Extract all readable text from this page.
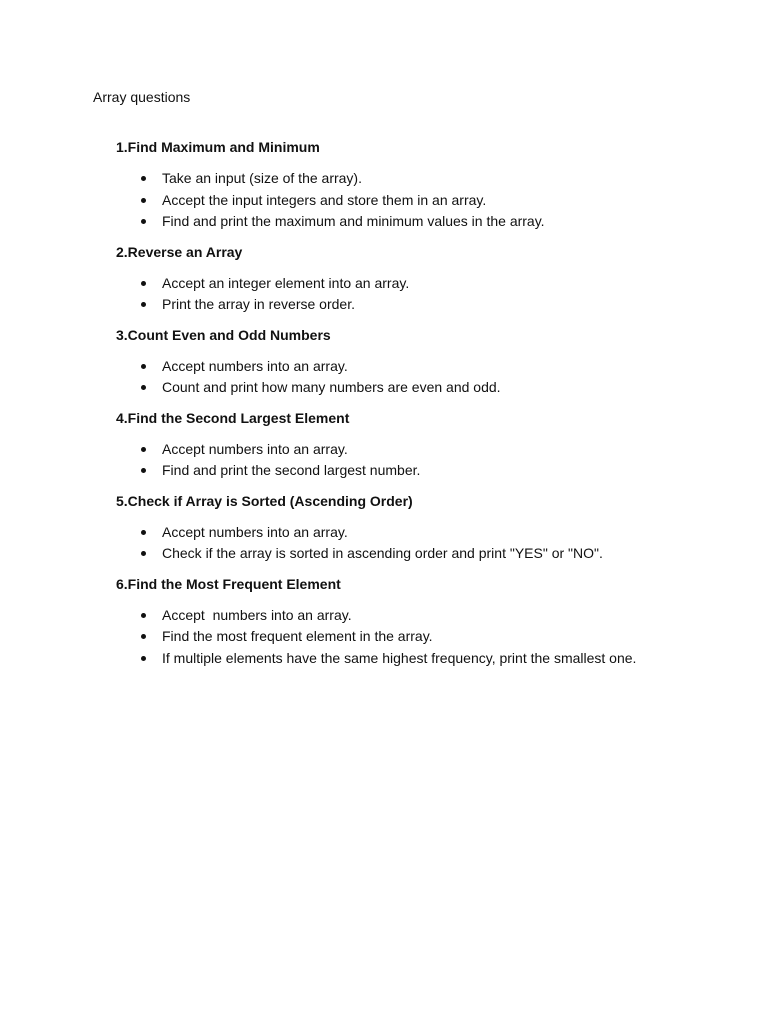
Array questions
1.Find Maximum and Minimum
Take an input (size of the array).
Accept the input integers and store them in an array.
Find and print the maximum and minimum values in the array.
2.Reverse an Array
Accept an integer element into an array.
Print the array in reverse order.
3.Count Even and Odd Numbers
Accept numbers into an array.
Count and print how many numbers are even and odd.
4.Find the Second Largest Element
Accept numbers into an array.
Find and print the second largest number.
5.Check if Array is Sorted (Ascending Order)
Accept numbers into an array.
Check if the array is sorted in ascending order and print "YES" or "NO".
6.Find the Most Frequent Element
Accept  numbers into an array.
Find the most frequent element in the array.
If multiple elements have the same highest frequency, print the smallest one.
